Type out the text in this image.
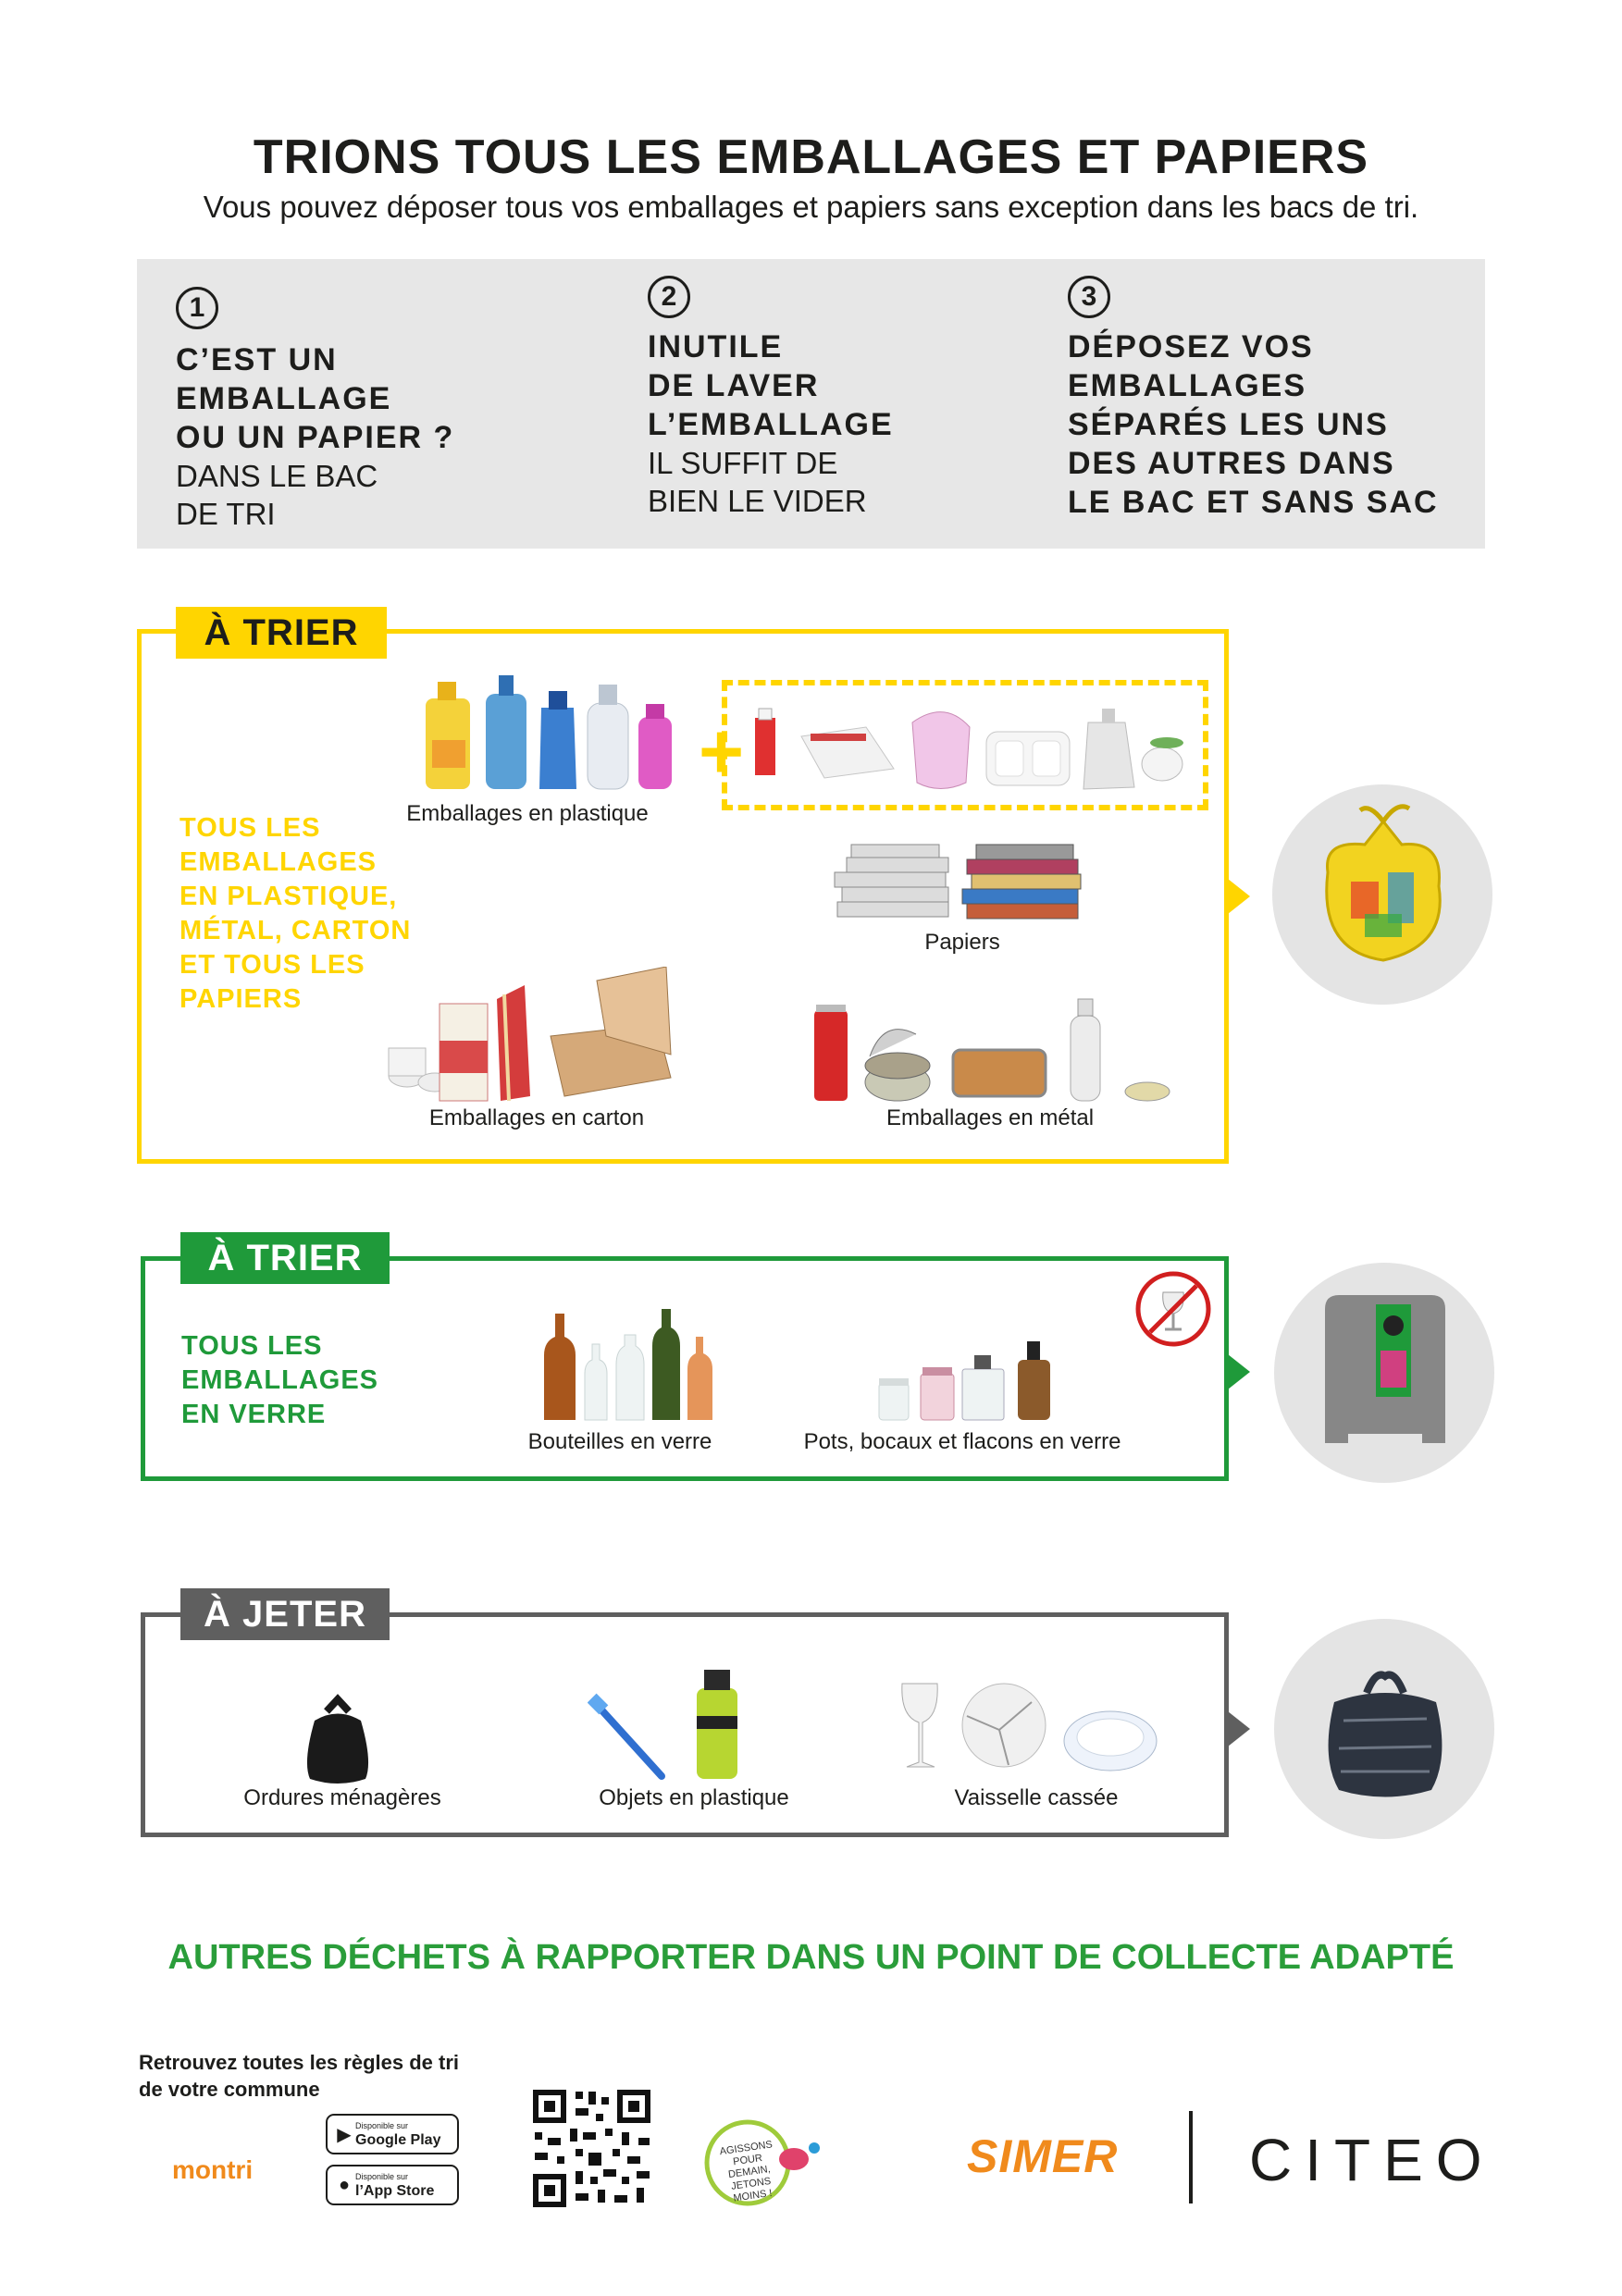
TRIONS TOUS LES EMBALLAGES ET PAPIERS
Vous pouvez déposer tous vos emballages et papiers sans exception dans les bacs de tri.
1
C’EST UN
EMBALLAGE
OU UN PAPIER ?
DANS LE BAC
DE TRI
2
INUTILE
DE LAVER
L’EMBALLAGE
IL SUFFIT DE
BIEN LE VIDER
3
DÉPOSEZ VOS
EMBALLAGES
SÉPARÉS LES UNS
DES AUTRES DANS
LE BAC ET SANS SAC
À TRIER
TOUS LES
EMBALLAGES
EN PLASTIQUE,
MÉTAL, CARTON
ET TOUS LES
PAPIERS
Emballages en plastique
+
Papiers
Emballages en carton	Emballages en métal
À TRIER
TOUS LES
EMBALLAGES
EN VERRE
Bouteilles en verre	Pots, bocaux et flacons en verre
À JETER
Ordures ménagères	Objets en plastique	Vaisselle cassée
AUTRES DÉCHETS À RAPPORTER DANS UN POINT DE COLLECTE ADAPTÉ
Retrouvez toutes les règles de tri
de votre commune
montri
▶ Disponible sur
Google Play
● Disponible sur
l’App Store
AGISSONS POUR DEMAIN, JETONS MOINS !
SIMER CITEO
